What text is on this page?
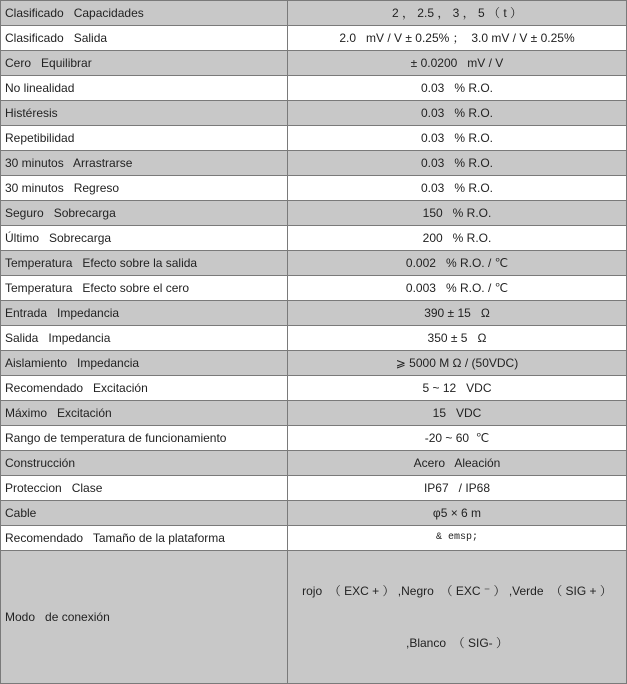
Clasificado   Capacidades	2 ， 2.5 ， 3 ， 5 （ t ）
Clasificado   Salida	2.0   mV / V ± 0.25% ；  3.0 mV / V ± 0.25%
Cero   Equilibrar	± 0.0200   mV / V
No linealidad	0.03   % R.O.
Histéresis	0.03   % R.O.
Repetibilidad	0.03   % R.O.
30 minutos   Arrastrarse	0.03   % R.O.
30 minutos   Regreso	0.03   % R.O.
Seguro   Sobrecarga	150   % R.O.
Último   Sobrecarga	200   % R.O.
Temperatura   Efecto sobre la salida	0.002   % R.O. / ℃
Temperatura   Efecto sobre el cero	0.003   % R.O. / ℃
Entrada   Impedancia	390 ± 15   Ω
Salida   Impedancia	350 ± 5   Ω
Aislamiento   Impedancia	⩾ 5000 M Ω / (50VDC)
Recomendado   Excitación	5 ~ 12   VDC
Máximo   Excitación	15   VDC
Rango de temperatura de funcionamiento	-20 ~ 60  ℃
Construcción	Acero   Aleación
Proteccion   Clase	IP67   / IP68
Cable	φ5 × 6 m
Recomendado   Tamaño de la plataforma	& emsp;
Modo   de conexión	rojo  （ EXC + ） ,Negro  （ EXC ⁻ ） ,Verde  （ SIG + ）

,Blanco  （ SIG- ）
